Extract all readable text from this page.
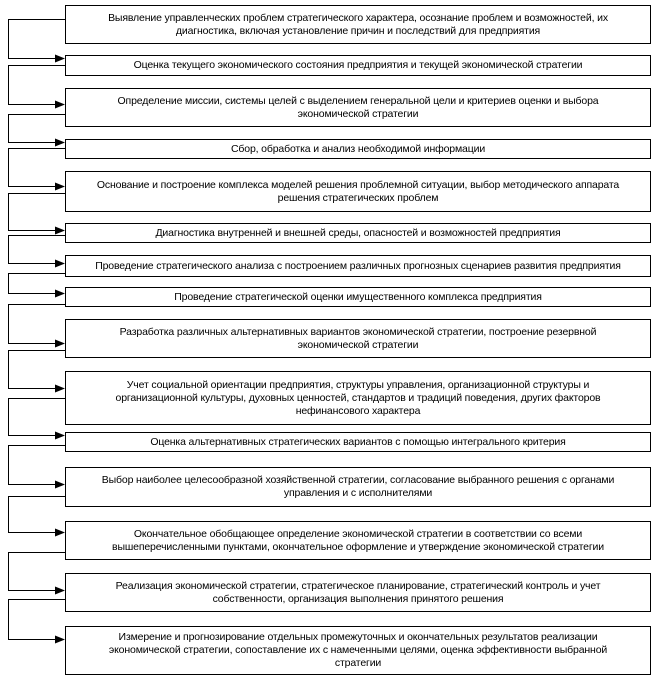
Выявление управленческих проблем стратегического характера, осознание проблем и возможностей, их диагностика, включая установление причин и последствий для предприятия
Оценка текущего экономического состояния предприятия и текущей экономической стратегии
Определение миссии, системы целей с выделением генеральной цели и критериев оценки и выбора экономической стратегии
Сбор, обработка и анализ необходимой информации
Основание и построение комплекса моделей решения проблемной ситуации, выбор методического аппарата решения стратегических проблем
Диагностика внутренней и внешней среды, опасностей и возможностей предприятия
Проведение стратегического анализа с построением различных прогнозных сценариев развития предприятия
Проведение стратегической оценки имущественного комплекса предприятия
Разработка различных альтернативных вариантов экономической стратегии, построение резервной экономической стратегии
Учет социальной ориентации предприятия, структуры управления, организационной структуры и организационной культуры, духовных ценностей, стандартов и традиций поведения, других факторов нефинансового характера
Оценка альтернативных стратегических вариантов с помощью интегрального критерия
Выбор наиболее целесообразной хозяйственной стратегии, согласование выбранного решения с органами управления и с исполнителями
Окончательное обобщающее определение экономической стратегии в соответствии со всеми вышеперечисленными пунктами, окончательное оформление и утверждение экономической стратегии
Реализация экономической стратегии, стратегическое планирование, стратегический контроль и учет собственности, организация выполнения принятого решения
Измерение и прогнозирование отдельных промежуточных и окончательных результатов реализации экономической стратегии, сопоставление их с намеченными целями, оценка эффективности выбранной стратегии
